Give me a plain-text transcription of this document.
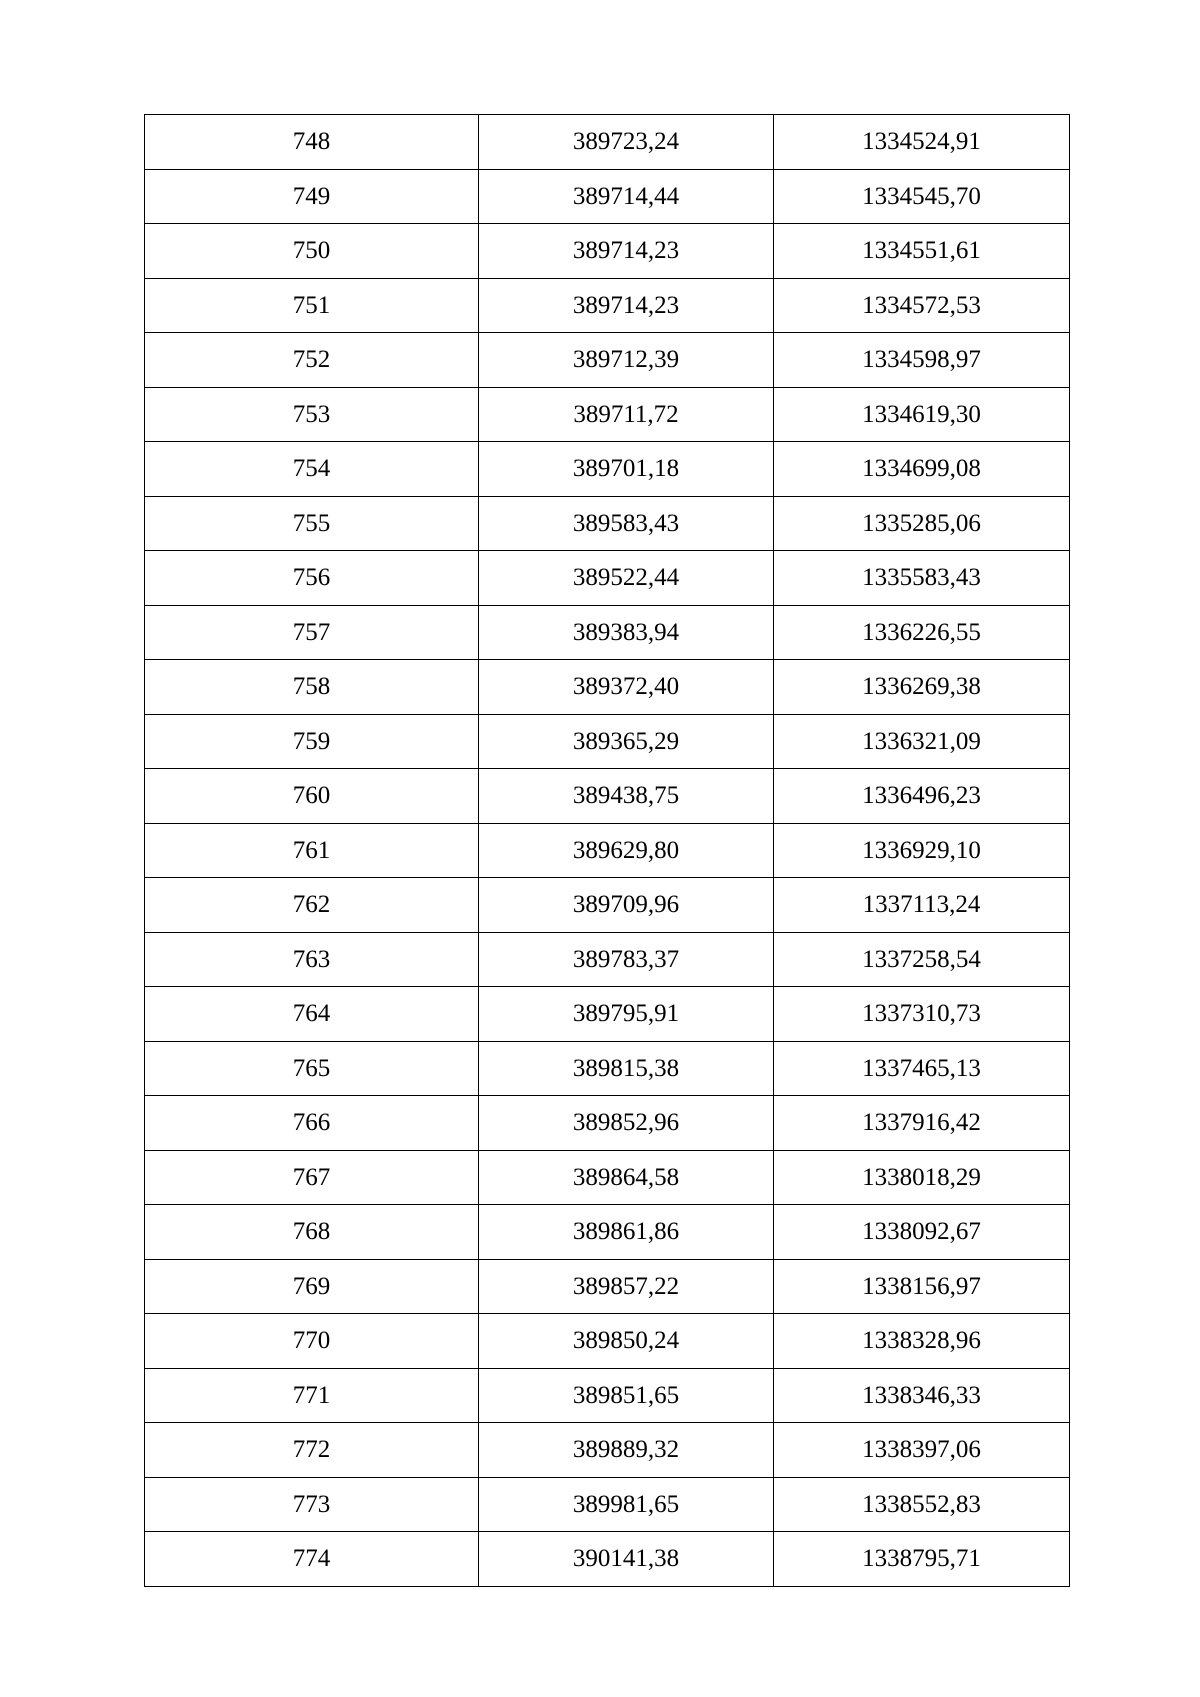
748	389723,24	1334524,91
749	389714,44	1334545,70
750	389714,23	1334551,61
751	389714,23	1334572,53
752	389712,39	1334598,97
753	389711,72	1334619,30
754	389701,18	1334699,08
755	389583,43	1335285,06
756	389522,44	1335583,43
757	389383,94	1336226,55
758	389372,40	1336269,38
759	389365,29	1336321,09
760	389438,75	1336496,23
761	389629,80	1336929,10
762	389709,96	1337113,24
763	389783,37	1337258,54
764	389795,91	1337310,73
765	389815,38	1337465,13
766	389852,96	1337916,42
767	389864,58	1338018,29
768	389861,86	1338092,67
769	389857,22	1338156,97
770	389850,24	1338328,96
771	389851,65	1338346,33
772	389889,32	1338397,06
773	389981,65	1338552,83
774	390141,38	1338795,71
